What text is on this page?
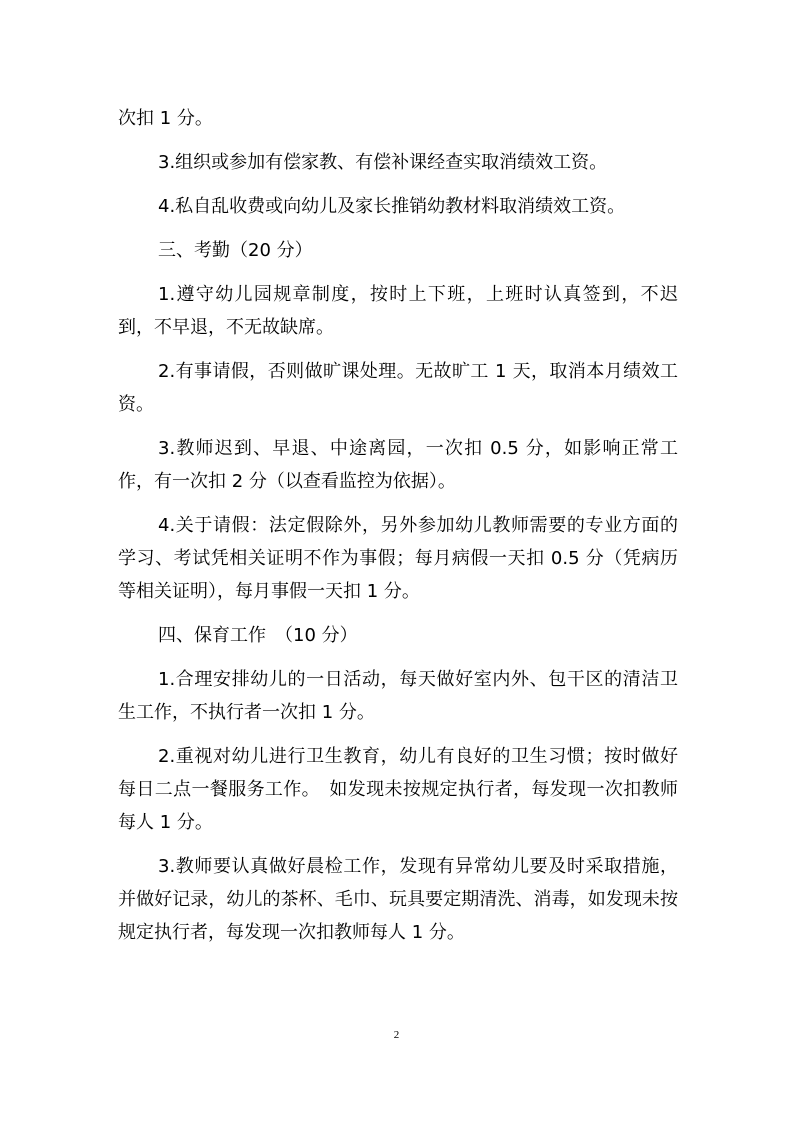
次扣 1 分。

3.组织或参加有偿家教、有偿补课经查实取消绩效工资。

4.私自乱收费或向幼儿及家长推销幼教材料取消绩效工资。

三、考勤（20 分）

1.遵守幼儿园规章制度，按时上下班，上班时认真签到，不迟到，不早退，不无故缺席。

2.有事请假，否则做旷课处理。无故旷工 1 天，取消本月绩效工资。

3.教师迟到、早退、中途离园，一次扣 0.5 分，如影响正常工作，有一次扣 2 分（以查看监控为依据）。

4.关于请假：法定假除外，另外参加幼儿教师需要的专业方面的学习、考试凭相关证明不作为事假；每月病假一天扣 0.5 分（凭病历等相关证明），每月事假一天扣 1 分。

四、保育工作　（10 分）

1.合理安排幼儿的一日活动，每天做好室内外、包干区的清洁卫生工作，不执行者一次扣 1 分。

2.重视对幼儿进行卫生教育，幼儿有良好的卫生习惯；按时做好每日二点一餐服务工作。　如发现未按规定执行者，每发现一次扣教师每人 1 分。

3.教师要认真做好晨检工作，发现有异常幼儿要及时采取措施，并做好记录，幼儿的茶杯、毛巾、玩具要定期清洗、消毒，如发现未按规定执行者，每发现一次扣教师每人 1 分。

2
